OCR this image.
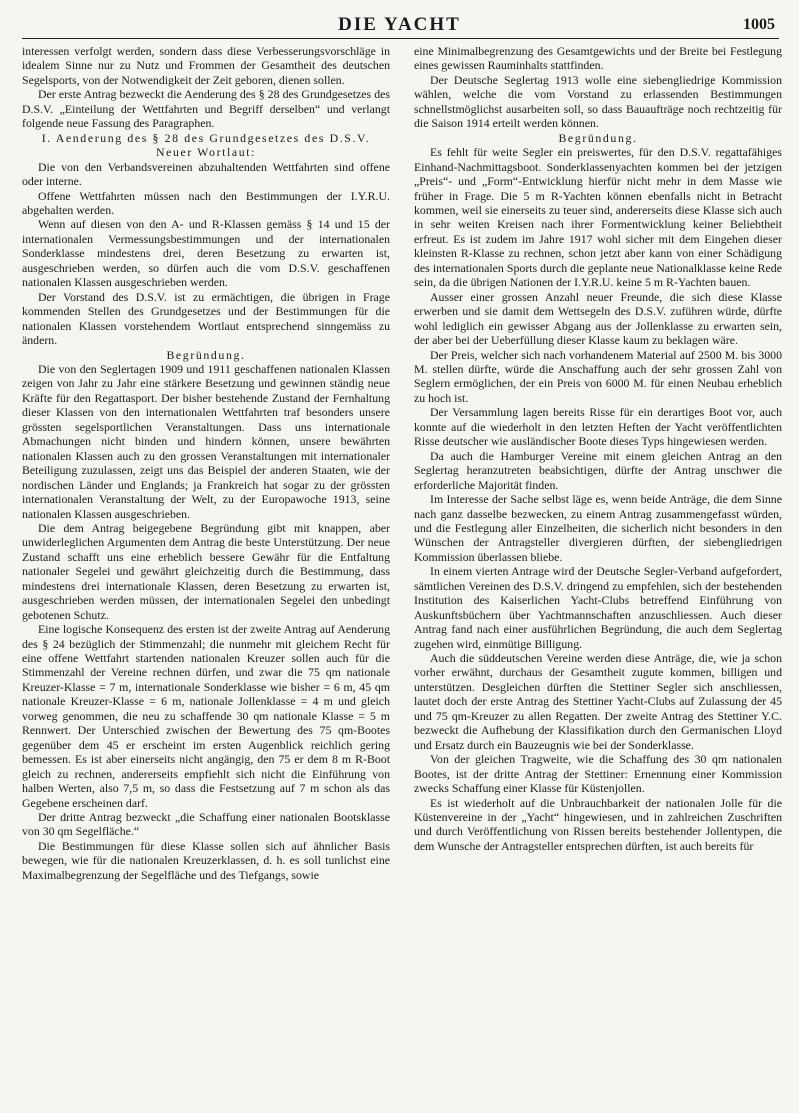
DIE YACHT	1005

interessen verfolgt werden, sondern dass diese Verbesserungsvorschläge in idealem Sinne nur zu Nutz und Frommen der Gesamtheit des deutschen Segelsports, von der Notwendigkeit der Zeit geboren, dienen sollen.

Der erste Antrag bezweckt die Aenderung des § 28 des Grundgesetzes des D.S.V. „Einteilung der Wettfahrten und Begriff derselben“ und verlangt folgende neue Fassung des Paragraphen.

I. Aenderung des § 28 des Grundgesetzes des D.S.V.

Neuer Wortlaut:

Die von den Verbandsvereinen abzuhaltenden Wettfahrten sind offene oder interne.

Offene Wettfahrten müssen nach den Bestimmungen der I.Y.R.U. abgehalten werden.

Wenn auf diesen von den A- und R-Klassen gemäss § 14 und 15 der internationalen Vermessungsbestimmungen und der internationalen Sonderklasse mindestens drei, deren Besetzung zu erwarten ist, ausgeschrieben werden, so dürfen auch die vom D.S.V. geschaffenen nationalen Klassen ausgeschrieben werden.

Der Vorstand des D.S.V. ist zu ermächtigen, die übrigen in Frage kommenden Stellen des Grundgesetzes und der Bestimmungen für die nationalen Klassen vorstehendem Wortlaut entsprechend sinngemäss zu ändern.

Begründung.

Die von den Seglertagen 1909 und 1911 geschaffenen nationalen Klassen zeigen von Jahr zu Jahr eine stärkere Besetzung und gewinnen ständig neue Kräfte für den Regattasport. Der bisher bestehende Zustand der Fernhaltung dieser Klassen von den internationalen Wettfahrten traf besonders unsere grössten segelsportlichen Veranstaltungen. Dass uns internationale Abmachungen nicht binden und hindern können, unsere bewährten nationalen Klassen auch zu den grossen Veranstaltungen mit internationaler Beteiligung zuzulassen, zeigt uns das Beispiel der anderen Staaten, wie der nordischen Länder und Englands; ja Frankreich hat sogar zu der grössten internationalen Veranstaltung der Welt, zu der Europawoche 1913, seine nationalen Klassen ausgeschrieben.

Die dem Antrag beigegebene Begründung gibt mit knappen, aber unwiderleglichen Argumenten dem Antrag die beste Unterstützung. Der neue Zustand schafft uns eine erheblich bessere Gewähr für die Entfaltung nationaler Segelei und gewährt gleichzeitig durch die Bestimmung, dass mindestens drei internationale Klassen, deren Besetzung zu erwarten ist, ausgeschrieben werden müssen, der internationalen Segelei den unbedingt gebotenen Schutz.

Eine logische Konsequenz des ersten ist der zweite Antrag auf Aenderung des § 24 bezüglich der Stimmenzahl; die nunmehr mit gleichem Recht für eine offene Wettfahrt startenden nationalen Kreuzer sollen auch für die Stimmenzahl der Vereine rechnen dürfen, und zwar die 75 qm nationale Kreuzer-Klasse = 7 m, internationale Sonderklasse wie bisher = 6 m, 45 qm nationale Kreuzer-Klasse = 6 m, nationale Jollenklasse = 4 m und gleich vorweg genommen, die neu zu schaffende 30 qm nationale Klasse = 5 m Rennwert. Der Unterschied zwischen der Bewertung des 75 qm-Bootes gegenüber dem 45 er erscheint im ersten Augenblick reichlich gering bemessen. Es ist aber einerseits nicht angängig, den 75 er dem 8 m R-Boot gleich zu rechnen, andererseits empfiehlt sich nicht die Einführung von halben Werten, also 7,5 m, so dass die Festsetzung auf 7 m schon als das Gegebene erscheinen darf.

Der dritte Antrag bezweckt „die Schaffung einer nationalen Bootsklasse von 30 qm Segelfläche.“

Die Bestimmungen für diese Klasse sollen sich auf ähnlicher Basis bewegen, wie für die nationalen Kreuzerklassen, d. h. es soll tunlichst eine Maximalbegrenzung der Segelfläche und des Tiefgangs, sowie

eine Minimalbegrenzung des Gesamtgewichts und der Breite bei Festlegung eines gewissen Rauminhalts stattfinden.

Der Deutsche Seglertag 1913 wolle eine siebengliedrige Kommission wählen, welche die vom Vorstand zu erlassenden Bestimmungen schnellstmöglichst ausarbeiten soll, so dass Bauaufträge noch rechtzeitig für die Saison 1914 erteilt werden können.

Begründung.

Es fehlt für weite Segler ein preiswertes, für den D.S.V. regattafähiges Einhand-Nachmittagsboot. Sonderklassenyachten kommen bei der jetzigen „Preis“- und „Form“-Entwicklung hierfür nicht mehr in dem Masse wie früher in Frage. Die 5 m R-Yachten können ebenfalls nicht in Betracht kommen, weil sie einerseits zu teuer sind, andererseits diese Klasse sich auch in sehr weiten Kreisen nach ihrer Formentwicklung keiner Beliebtheit erfreut. Es ist zudem im Jahre 1917 wohl sicher mit dem Eingehen dieser kleinsten R-Klasse zu rechnen, schon jetzt aber kann von einer Schädigung des internationalen Sports durch die geplante neue Nationalklasse keine Rede sein, da die übrigen Nationen der I.Y.R.U. keine 5 m R-Yachten bauen.

Ausser einer grossen Anzahl neuer Freunde, die sich diese Klasse erwerben und sie damit dem Wettsegeln des D.S.V. zuführen würde, dürfte wohl lediglich ein gewisser Abgang aus der Jollenklasse zu erwarten sein, der aber bei der Ueberfüllung dieser Klasse kaum zu beklagen wäre.

Der Preis, welcher sich nach vorhandenem Material auf 2500 M. bis 3000 M. stellen dürfte, würde die Anschaffung auch der sehr grossen Zahl von Seglern ermöglichen, der ein Preis von 6000 M. für einen Neubau erheblich zu hoch ist.

Der Versammlung lagen bereits Risse für ein derartiges Boot vor, auch konnte auf die wiederholt in den letzten Heften der Yacht veröffentlichten Risse deutscher wie ausländischer Boote dieses Typs hingewiesen werden.

Da auch die Hamburger Vereine mit einem gleichen Antrag an den Seglertag heranzutreten beabsichtigen, dürfte der Antrag unschwer die erforderliche Majorität finden.

Im Interesse der Sache selbst läge es, wenn beide Anträge, die dem Sinne nach ganz dasselbe bezwecken, zu einem Antrag zusammengefasst würden, und die Festlegung aller Einzelheiten, die sicherlich nicht besonders in den Wünschen der Antragsteller divergieren dürften, der siebengliedrigen Kommission überlassen bliebe.

In einem vierten Antrage wird der Deutsche Segler-Verband aufgefordert, sämtlichen Vereinen des D.S.V. dringend zu empfehlen, sich der bestehenden Institution des Kaiserlichen Yacht-Clubs betreffend Einführung von Auskunftsbüchern über Yachtmannschaften anzuschliessen. Auch dieser Antrag fand nach einer ausführlichen Begründung, die auch dem Seglertag zugehen wird, einmütige Billigung.

Auch die süddeutschen Vereine werden diese Anträge, die, wie ja schon vorher erwähnt, durchaus der Gesamtheit zugute kommen, billigen und unterstützen. Desgleichen dürften die Stettiner Segler sich anschliessen, lautet doch der erste Antrag des Stettiner Yacht-Clubs auf Zulassung der 45 und 75 qm-Kreuzer zu allen Regatten. Der zweite Antrag des Stettiner Y.C. bezweckt die Aufhebung der Klassifikation durch den Germanischen Lloyd und Ersatz durch ein Bauzeugnis wie bei der Sonderklasse.

Von der gleichen Tragweite, wie die Schaffung des 30 qm nationalen Bootes, ist der dritte Antrag der Stettiner: Ernennung einer Kommission zwecks Schaffung einer Klasse für Küstenjollen.

Es ist wiederholt auf die Unbrauchbarkeit der nationalen Jolle für die Küstenvereine in der „Yacht“ hingewiesen, und in zahlreichen Zuschriften und durch Veröffentlichung von Rissen bereits bestehender Jollentypen, die dem Wunsche der Antragsteller entsprechen dürften, ist auch bereits für
